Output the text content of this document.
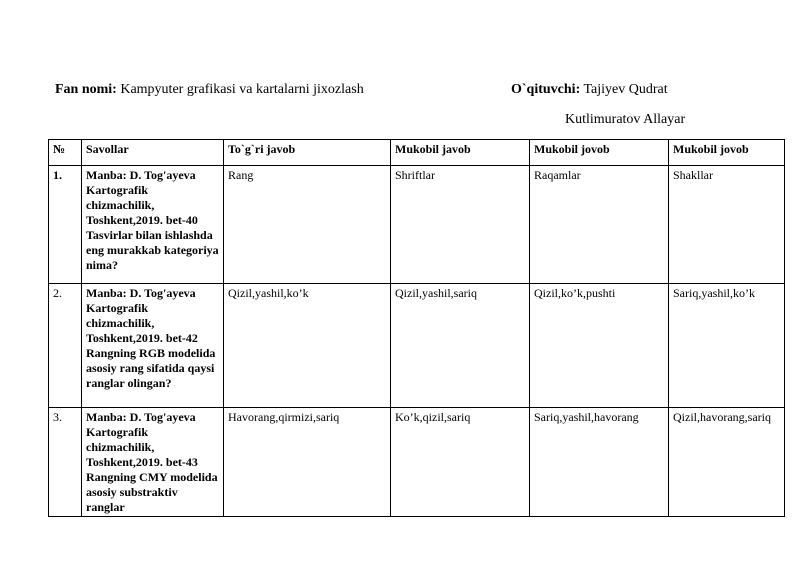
Fan nomi: Kampyuter grafikasi va kartalarni jixozlash	O`qituvchi: Tajiyev Qudrat
Kutlimuratov Allayar
№	Savollar	To`g`ri javob	Mukobil javob	Mukobil jovob	Mukobil jovob
1.	Manba: D. Tog'ayeva Kartografik chizmachilik, Toshkent,2019. bet-40 Tasvirlar bilan ishlashda eng murakkab kategoriya nima?	Rang	Shriftlar	Raqamlar	Shakllar
2.	Manba: D. Tog'ayeva Kartografik chizmachilik, Toshkent,2019. bet-42 Rangning RGB modelida asosiy rang sifatida qaysi ranglar olingan?	Qizil,yashil,ko’k	Qizil,yashil,sariq	Qizil,ko’k,pushti	Sariq,yashil,ko’k
3.	Manba: D. Tog'ayeva Kartografik chizmachilik, Toshkent,2019. bet-43 Rangning CMY modelida asosiy substraktiv ranglar	Havorang,qirmizi,sariq	Ko’k,qizil,sariq	Sariq,yashil,havorang	Qizil,havorang,sariq
